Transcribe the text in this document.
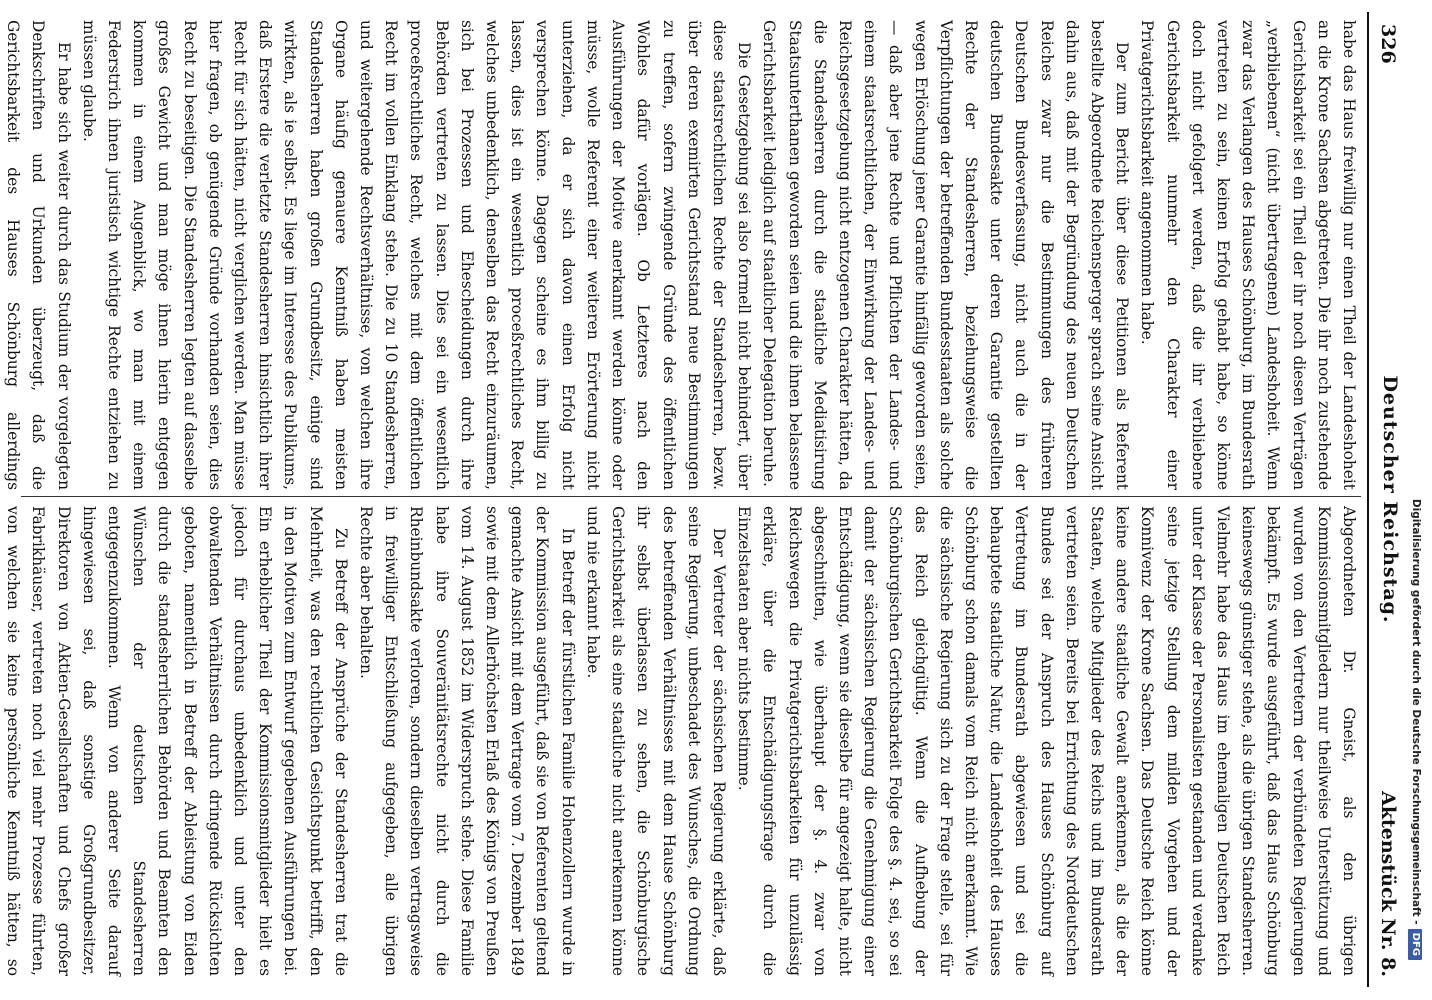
326
Deutscher Reichstag.
Aktenstück Nr. 8.

habe das Haus freiwillig nur einen Theil der Landeshoheit an die Krone Sachsen abgetreten. Die ihr noch zustehende Gerichtsbarkeit sei ein Theil der ihr noch diesen Verträgen „verbliebenen“ (nicht übertragenen) Landeshoheit. Wenn zwar das Verlangen des Hauses Schönburg, im Bundesrath vertreten zu sein, keinen Erfolg gehabt habe, so könne doch nicht gefolgert werden, daß die ihr verbliebene Gerichtsbarkeit nunmehr den Charakter einer Privatgerichtsbarkeit angenommen habe.

Der zum Bericht über diese Petitionen als Referent bestellte Abgeordnete Reichensperger sprach seine Ansicht dahin aus, daß mit der Begründung des neuen Deutschen Reiches zwar nur die Bestimmungen des früheren Deutschen Bundesverfassung, nicht auch die in der deutschen Bundesakte unter deren Garantie gestellten Rechte der Standesherren, beziehungsweise die Verpflichtungen der betreffenden Bundesstaaten als solche wegen Erlöschung jener Garantie hinfällig geworden seien, — daß aber jene Rechte und Pflichten der Landes- und einem staatsrechtlichen, der Einwirkung der Landes- und Reichsgesetzgebung nicht entzogenen Charakter hätten, da die Standesherren durch die staatliche Mediatisirung Staatsunterthanen geworden seien und die ihnen belassene Gerichtsbarkeit lediglich auf staatlicher Delegation beruhe.

Die Gesetzgebung sei also formell nicht behindert, über diese staatsrechtlichen Rechte der Standesherren, bezw. über deren exemirten Gerichtsstand neue Bestimmungen zu treffen, sofern zwingende Gründe des öffentlichen Wohles dafür vorlägen. Ob Letzteres nach den Ausführungen der Motive anerkannt werden könne oder müsse, wolle Referent einer weiteren Erörterung nicht unterziehen, da er sich davon einen Erfolg nicht versprechen könne. Dagegen scheine es ihm billig zu lassen, dies ist ein wesentlich proceßrechtliches Recht, welches unbedenklich, denselben das Recht einzuräumen, sich bei Prozessen und Ehescheidungen durch ihre Behörden vertreten zu lassen. Dies sei ein wesentlich proceßrechtliches Recht, welches mit dem öffentlichen Recht im vollen Einklang stehe. Die zu 10 Standesherren, und weitergehende Rechtsverhältnisse, von welchen ihre Organe häufig genauere Kenntniß haben meisten Standesherren haben großen Grundbesitz, einige sind wirkten, als ie selbst. Es liege im Interesse des Publikums, daß Erstere die verletzte Standesherren hinsichtlich ihrer Recht für sich hätten, nicht verglichen werden. Man müsse hier fragen, ob genügende Gründe vorhanden seien, dies Recht zu beseitigen. Die Standesherren legten auf dasselbe großes Gewicht und man möge ihnen hierin entgegen kommen in einem Augenblick, wo man mit einem Federstrich ihnen juristisch wichtige Rechte entziehen zu müssen glaube.

Er habe sich weiter durch das Studium der vorgelegten Denkschriften und Urkunden überzeugt, daß die Gerichtsbarkeit des Hauses Schönburg allerdings

Abgeordneten Dr. Gneist, als den übrigen Kommissionsmitgliedern nur theilweise Unterstützung und wurden von den Vertretern der verbündeten Regierungen bekämpft. Es wurde ausgeführt, daß das Haus Schönburg keineswegs günstiger stehe, als die übrigen Standesherren. Vielmehr habe das Haus im ehemaligen Deutschen Reich unter der Klasse der Personalisten gestanden und verdanke seine jetzige Stellung dem milden Vorgehen und der Konnivenz der Krone Sachsen. Das Deutsche Reich könne keine andere staatliche Gewalt anerkennen, als die der Staaten, welche Mitglieder des Reichs und im Bundesrath vertreten seien. Bereits bei Errichtung des Norddeutschen Bundes sei der Anspruch des Hauses Schönburg auf Vertretung im Bundesrath abgewiesen und sei die behauptete staatliche Natur, die Landeshoheit des Hauses Schönburg schon damals vom Reich nicht anerkannt. Wie die sächsische Regierung sich zu der Frage stelle, sei für das Reich gleichgültig. Wenn die Aufhebung der Schönburgischen Gerichtsbarkeit Folge des §. 4. sei, so sei damit der sächsischen Regierung die Genehmigung einer Entschädigung, wenn sie dieselbe für angezeigt halte, nicht abgeschnitten, wie überhaupt der §. 4. zwar von Reichswegen die Privatgerichtsbarkeiten für unzulässig erkläre, über die Entschädigungsfrage durch die Einzelstaaten aber nichts bestimme.

Der Vertreter der sächsischen Regierung erklärte, daß seine Regierung, unbeschadet des Wunsches, die Ordnung des betreffenden Verhältnisses mit dem Hause Schönburg ihr selbst überlassen zu sehen, die Schönburgische Gerichtsbarkeit als eine staatliche nicht anerkennen könne und nie erkannt habe.

In Betreff der fürstlichen Familie Hohenzollern wurde in der Kommission ausgeführt, daß sie von Referenten geltend gemachte Ansicht mit dem Vertrage vom 7. Dezember 1849 sowie mit dem Allerhöchsten Erlaß des Königs von Preußen vom 14. August 1852 im Widerspruch stehe. Diese Familie habe ihre Souveränitätsrechte nicht durch die Rheinbundsakte verloren, sondern dieselben vertragsweise in freiwilliger Entschließung aufgegeben, alle übrigen Rechte aber behalten.

Zu Betreff der Ansprüche der Standesherren trat die Mehrheit, was den rechtlichen Gesichtspunkt betrifft, den in den Motiven zum Entwurf gegebenen Ausführungen bei. Ein erheblicher Theil der Kommissionsmitglieder hielt es jedoch für durchaus unbedenklich und unter den obwaltenden Verhältnissen durch dringende Rücksichten geboten, namentlich in Betreff der Ableistung von Eiden durch die standesherrlichen Behörden und Beamten den Wünschen der deutschen Standesherren entgegenzukommen. Wenn von anderer Seite darauf hingewiesen sei, daß sonstige Großgrundbesitzer, Direktoren von Aktien-Gesellschaften und Chefs großer Fabrikhäuser, vertreten noch viel mehr Prozesse führten, von welchen sie keine persönliche Kenntniß hätten, so

Digitalisierung gefördert durch die Deutsche Forschungsgemeinschaft -DFG
